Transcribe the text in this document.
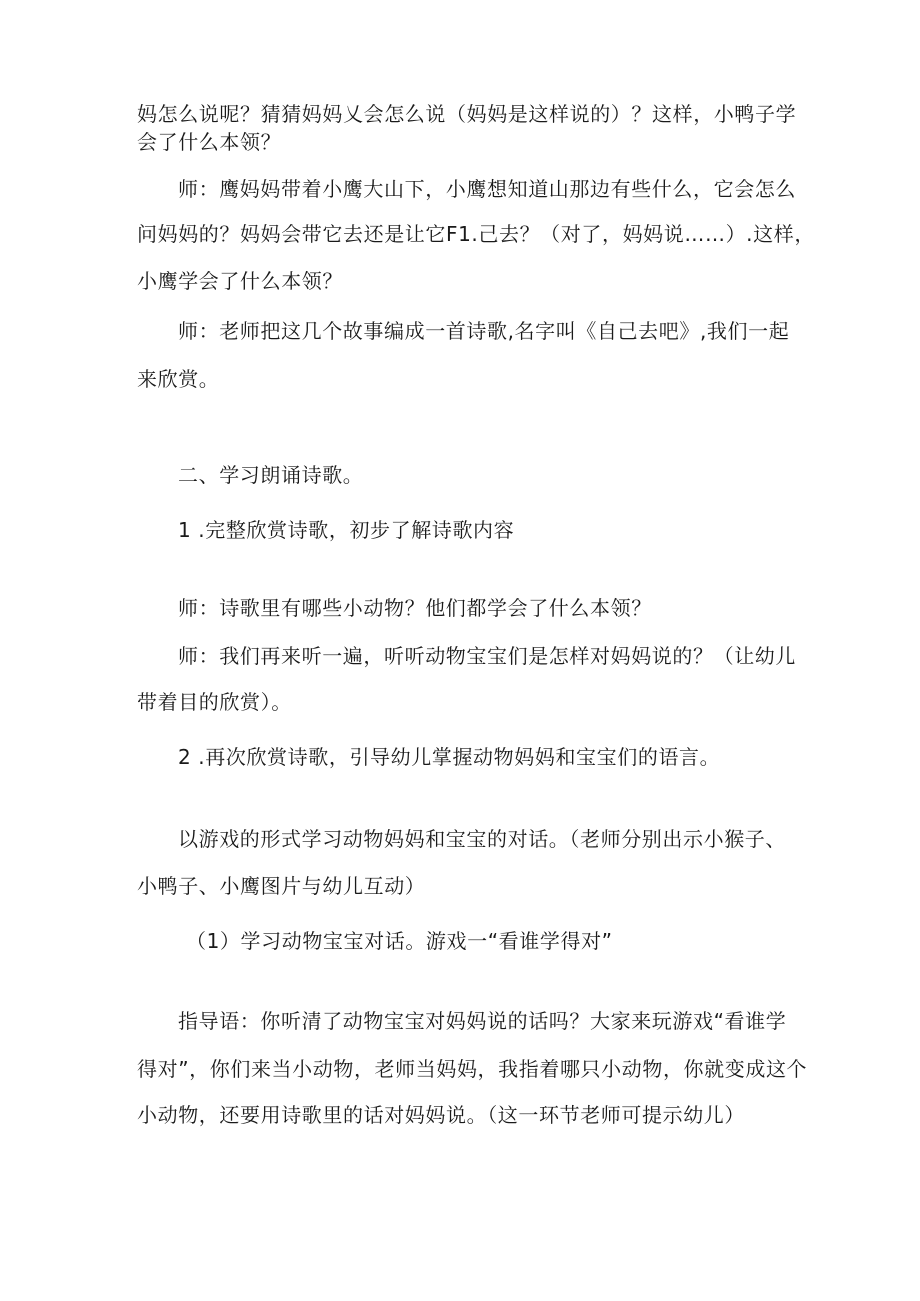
妈怎么说呢？猜猜妈妈乂会怎么说（妈妈是这样说的）？这样，小鸭子学
会了什么本领？
师：鹰妈妈带着小鹰大山下，小鹰想知道山那边有些什么，它会怎么
问妈妈的？妈妈会带它去还是让它F1.己去？（对了，妈妈说……）.这样，
小鹰学会了什么本领？
师：老师把这几个故事编成一首诗歌,名字叫《自己去吧》,我们一起
来欣赏。
二、学习朗诵诗歌。
1 .完整欣赏诗歌，初步了解诗歌内容
师：诗歌里有哪些小动物？他们都学会了什么本领？
师：我们再来听一遍，听听动物宝宝们是怎样对妈妈说的？（让幼儿
带着目的欣赏）。
2 .再次欣赏诗歌，引导幼儿掌握动物妈妈和宝宝们的语言。
以游戏的形式学习动物妈妈和宝宝的对话。（老师分别出示小猴子、
小鸭子、小鹰图片与幼儿互动）
（1）学习动物宝宝对话。游戏一“看谁学得对”
指导语：你听清了动物宝宝对妈妈说的话吗？大家来玩游戏“看谁学
得对”，你们来当小动物，老师当妈妈，我指着哪只小动物，你就变成这个
小动物，还要用诗歌里的话对妈妈说。（这一环节老师可提示幼儿）
